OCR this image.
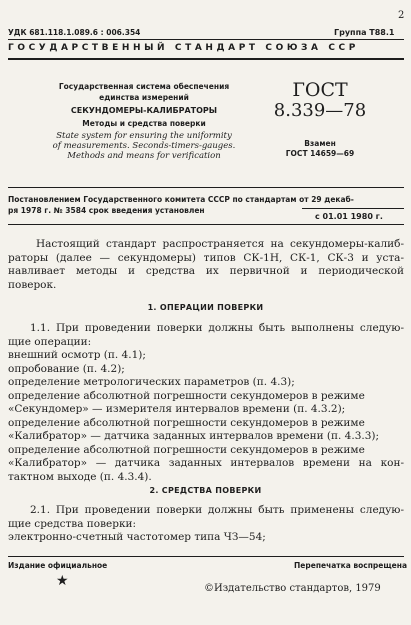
УДК 681.118.1.089.6 : 006.354	Группа Т88.1
2
ГОСУДАРСТВЕННЫЙ СТАНДАРТ СОЮЗА ССР
Государственная система обеспечения
единства измерений
СЕКУНДОМЕРЫ-КАЛИБРАТОРЫ
Методы и средства поверки
State system for ensuring the uniformity
of measurements. Seconds-timers-gauges.
Methods and means for verification
ГОСТ
8.339—78
Взамен
ГОСТ 14659—69
Постановлением Государственного комитета СССР по стандартам от 29 декаб-
ря 1978 г. № 3584 срок введения установлен
с 01.01 1980 г.
Настоящий стандарт распространяется на секундомеры-калиб-
раторы (далее — секундомеры) типов СК-1Н, СК-1, СК-3 и уста-
навливает методы и средства их первичной и периодической
поверок.
1. ОПЕРАЦИИ ПОВЕРКИ
1.1. При проведении поверки должны быть выполнены следую-
щие операции:
внешний осмотр (п. 4.1);
опробование (п. 4.2);
определение метрологических параметров (п. 4.3);
определение абсолютной погрешности секундомеров в режиме
«Секундомер» — измерителя интервалов времени (п. 4.3.2);
определение абсолютной погрешности секундомеров в режиме
«Калибратор» — датчика заданных интервалов времени (п. 4.3.3);
определение абсолютной погрешности секундомеров в режиме
«Калибратор» — датчика заданных интервалов времени на кон-
тактном выходе (п. 4.3.4).
2. СРЕДСТВА ПОВЕРКИ
2.1. При проведении поверки должны быть применены следую-
щие средства поверки:
электронно-счетный частотомер типа ЧЗ—54;
Издание официальное	Перепечатка воспрещена
★	©Издательство стандартов, 1979
